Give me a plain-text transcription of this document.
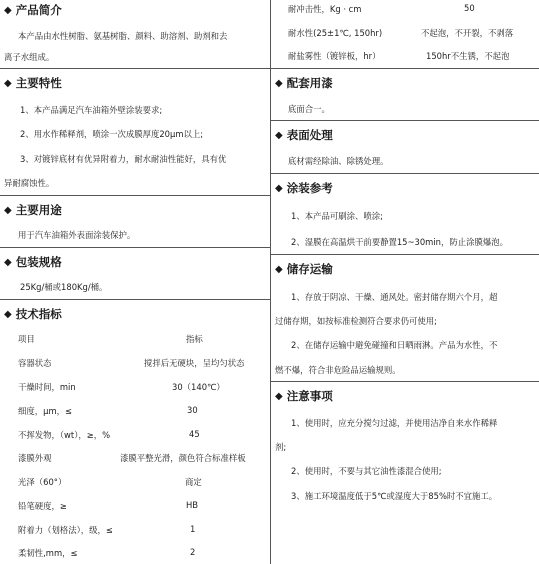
◆ 产品简介
本产品由水性树脂、氨基树脂、颜料、助溶剂、助剂和去
离子水组成。
◆ 主要特性
1、本产品满足汽车油箱外壁涂装要求;
2、用水作稀释剂，喷涂一次成膜厚度20μm以上;
3、对镀锌底材有优异附着力，耐水耐油性能好，具有优
异耐腐蚀性。
◆ 主要用途
用于汽车油箱外表面涂装保护。
◆ 包装规格
25Kg/桶或180Kg/桶。
◆ 技术指标
项目	指标
容器状态	搅拌后无硬块，呈均匀状态
干燥时间，min	30（140℃）
细度，μm，≤	30
不挥发物，（wt），≥，%	45
漆膜外观	漆膜平整光滑，颜色符合标准样板
光泽（60°）	商定
铅笔硬度，≥	HB
附着力（划格法），级，≤	1
柔韧性,mm，≤	2
耐冲击性，Kg · cm	50
耐水性(25±1℃, 150hr)	不起泡，不开裂，不剥落
耐盐雾性（镀锌板，hr）	150hr不生锈，不起泡
◆ 配套用漆
底面合一。
◆ 表面处理
底材需经除油、除锈处理。
◆ 涂装参考
1、本产品可刷涂、喷涂;
2、湿膜在高温烘干前要静置15~30min，防止涂膜爆泡。
◆ 储存运输
1、存放于阴凉、干燥、通风处。密封储存期六个月，超
过储存期，如按标准检测符合要求仍可使用;
2、在储存运输中避免碰撞和日晒雨淋。产品为水性，不
燃不爆，符合非危险品运输规则。
◆ 注意事项
1、使用时，应充分搅匀过滤，并使用洁净自来水作稀释
剂;
2、使用时，不要与其它油性漆混合使用;
3、施工环境温度低于5℃或湿度大于85%时不宜施工。
